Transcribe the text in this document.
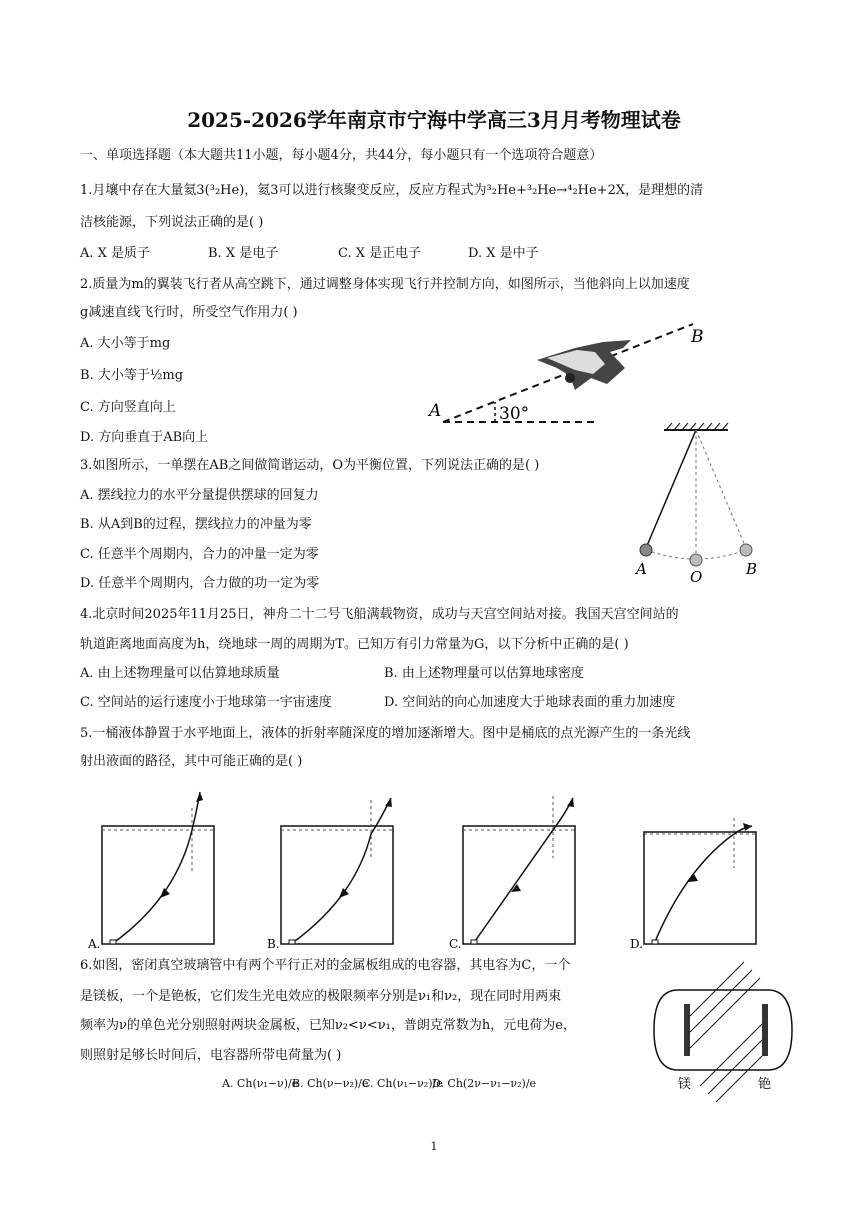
2025-2026学年南京市宁海中学高三3月月考物理试卷
一、单项选择题（本大题共11小题，每小题4分，共44分，每小题只有一个选项符合题意）
1.月壤中存在大量氦3(³₂He)，氦3可以进行核聚变反应，反应方程式为³₂He+³₂He→⁴₂He+2X，是理想的清
洁核能源，下列说法正确的是( )
A. X 是质子	B. X 是电子	C. X 是正电子	D. X 是中子
2.质量为m的翼装飞行者从高空跳下，通过调整身体实现飞行并控制方向，如图所示，当他斜向上以加速度
g减速直线飞行时，所受空气作用力( )
A. 大小等于mg
B. 大小等于½mg
C. 方向竖直向上
D. 方向垂直于AB向上
A
B
30°
3.如图所示，一单摆在AB之间做简谐运动，O为平衡位置，下列说法正确的是( )
A. 摆线拉力的水平分量提供摆球的回复力
B. 从A到B的过程，摆线拉力的冲量为零
C. 任意半个周期内，合力的冲量一定为零
D. 任意半个周期内，合力做的功一定为零
A	O	B
4.北京时间2025年11月25日，神舟二十二号飞船满载物资，成功与天宫空间站对接。我国天宫空间站的
轨道距离地面高度为h，绕地球一周的周期为T。已知万有引力常量为G，以下分析中正确的是( )
A. 由上述物理量可以估算地球质量	B. 由上述物理量可以估算地球密度
C. 空间站的运行速度小于地球第一宇宙速度	D. 空间站的向心加速度大于地球表面的重力加速度
5.一桶液体静置于水平地面上，液体的折射率随深度的增加逐渐增大。图中是桶底的点光源产生的一条光线
射出液面的路径，其中可能正确的是( )
A.	B.	C.	D.
6.如图，密闭真空玻璃管中有两个平行正对的金属板组成的电容器，其电容为C，一个
是镁板，一个是铯板，它们发生光电效应的极限频率分别是ν₁和ν₂，现在同时用两束
频率为ν的单色光分别照射两块金属板，已知ν₂<ν<ν₁，普朗克常数为h，元电荷为e，
则照射足够长时间后，电容器所带电荷量为( )
A. Ch(ν₁−ν)/e
B. Ch(ν−ν₂)/e
C. Ch(ν₁−ν₂)/e
D. Ch(2ν−ν₁−ν₂)/e	镁	铯
1
